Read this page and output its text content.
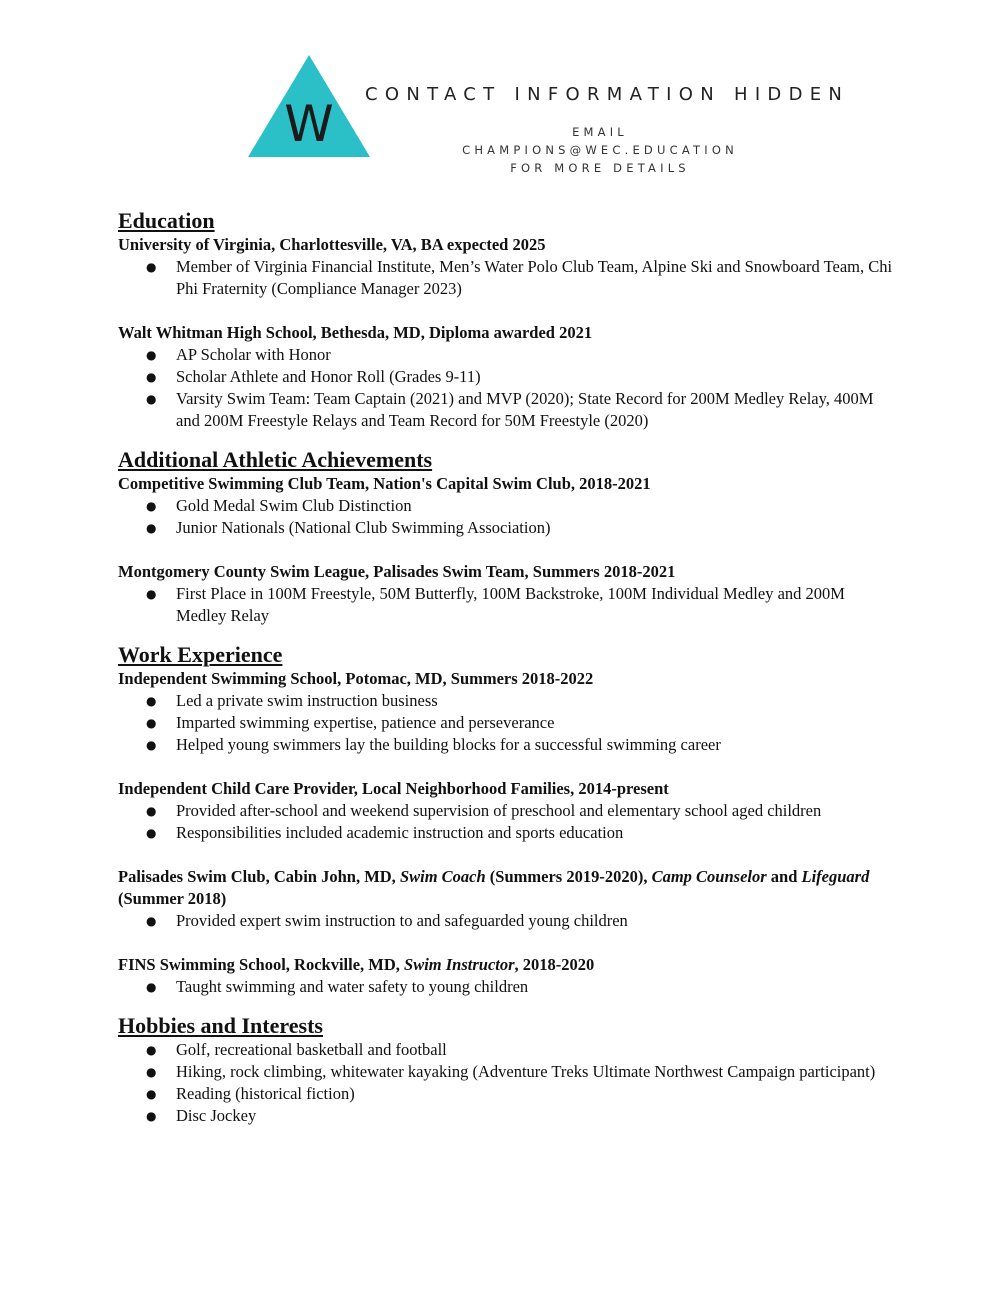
W
CONTACT INFORMATION HIDDEN
EMAIL
CHAMPIONS@WEC.EDUCATION
FOR MORE DETAILS
Education
University of Virginia, Charlottesville, VA, BA expected 2025
● Member of Virginia Financial Institute, Men’s Water Polo Club Team, Alpine Ski and Snowboard Team, Chi Phi Fraternity (Compliance Manager 2023)
Walt Whitman High School, Bethesda, MD, Diploma awarded 2021
● AP Scholar with Honor
● Scholar Athlete and Honor Roll (Grades 9-11)
● Varsity Swim Team: Team Captain (2021) and MVP (2020); State Record for 200M Medley Relay, 400M and 200M Freestyle Relays and Team Record for 50M Freestyle (2020)
Additional Athletic Achievements
Competitive Swimming Club Team, Nation's Capital Swim Club, 2018-2021
● Gold Medal Swim Club Distinction
● Junior Nationals (National Club Swimming Association)
Montgomery County Swim League, Palisades Swim Team, Summers 2018-2021
● First Place in 100M Freestyle, 50M Butterfly, 100M Backstroke, 100M Individual Medley and 200M Medley Relay
Work Experience
Independent Swimming School, Potomac, MD, Summers 2018-2022
● Led a private swim instruction business
● Imparted swimming expertise, patience and perseverance
● Helped young swimmers lay the building blocks for a successful swimming career
Independent Child Care Provider, Local Neighborhood Families, 2014-present
● Provided after-school and weekend supervision of preschool and elementary school aged children
● Responsibilities included academic instruction and sports education
Palisades Swim Club, Cabin John, MD, Swim Coach (Summers 2019-2020), Camp Counselor and Lifeguard (Summer 2018)
● Provided expert swim instruction to and safeguarded young children
FINS Swimming School, Rockville, MD, Swim Instructor, 2018-2020
● Taught swimming and water safety to young children
Hobbies and Interests
● Golf, recreational basketball and football
● Hiking, rock climbing, whitewater kayaking (Adventure Treks Ultimate Northwest Campaign participant)
● Reading (historical fiction)
● Disc Jockey
